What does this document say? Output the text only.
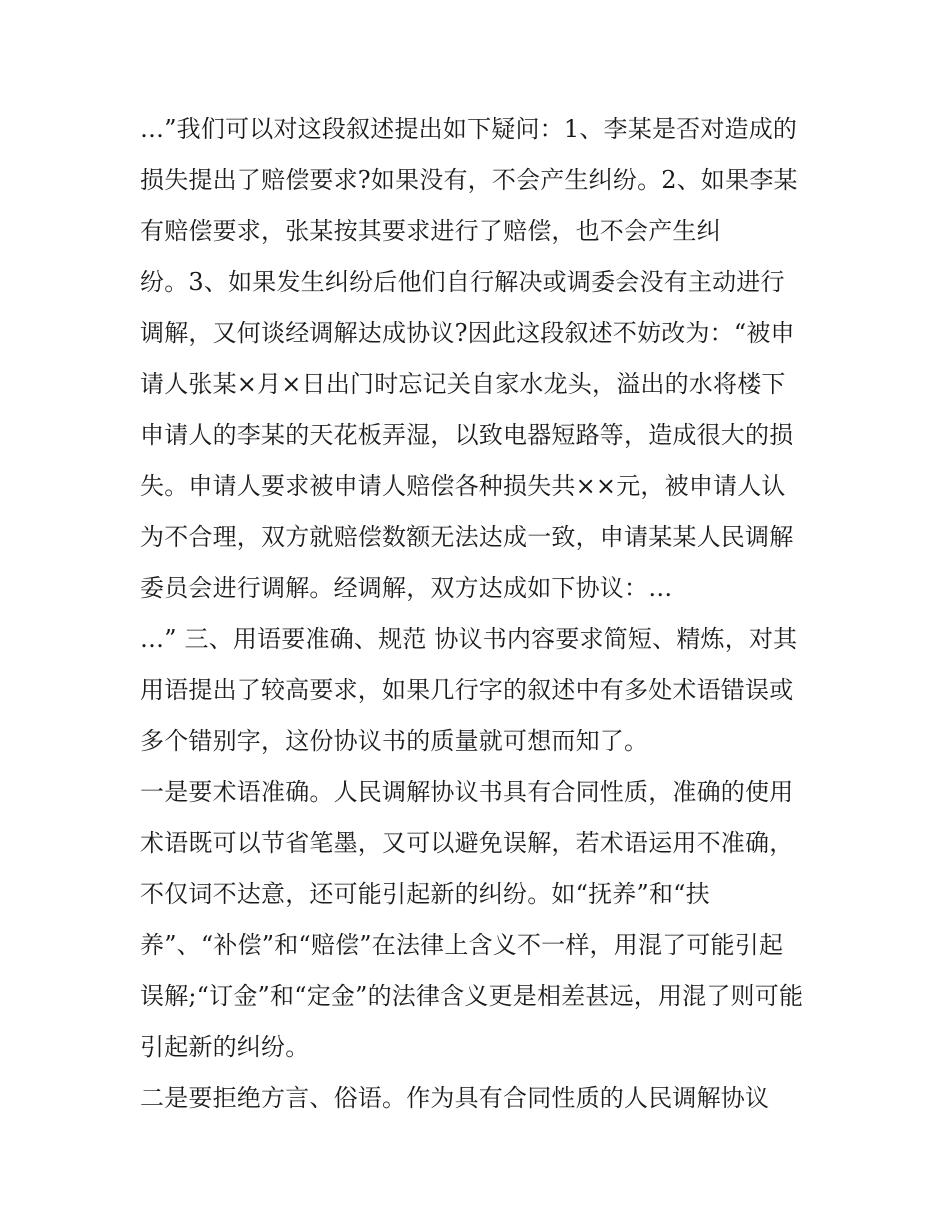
…”我们可以对这段叙述提出如下疑问：1、李某是否对造成的
损失提出了赔偿要求?如果没有，不会产生纠纷。2、如果李某
有赔偿要求，张某按其要求进行了赔偿，也不会产生纠
纷。3、如果发生纠纷后他们自行解决或调委会没有主动进行
调解，又何谈经调解达成协议?因此这段叙述不妨改为：“被申
请人张某×月×日出门时忘记关自家水龙头，溢出的水将楼下
申请人的李某的天花板弄湿，以致电器短路等，造成很大的损
失。申请人要求被申请人赔偿各种损失共××元，被申请人认
为不合理，双方就赔偿数额无法达成一致，申请某某人民调解
委员会进行调解。经调解，双方达成如下协议：…
…” 三、用语要准确、规范 协议书内容要求简短、精炼，对其
用语提出了较高要求，如果几行字的叙述中有多处术语错误或
多个错别字，这份协议书的质量就可想而知了。
一是要术语准确。人民调解协议书具有合同性质，准确的使用
术语既可以节省笔墨，又可以避免误解，若术语运用不准确，
不仅词不达意，还可能引起新的纠纷。如“抚养”和“扶
养”、“补偿”和“赔偿”在法律上含义不一样，用混了可能引起
误解;“订金”和“定金”的法律含义更是相差甚远，用混了则可能
引起新的纠纷。
二是要拒绝方言、俗语。作为具有合同性质的人民调解协议
